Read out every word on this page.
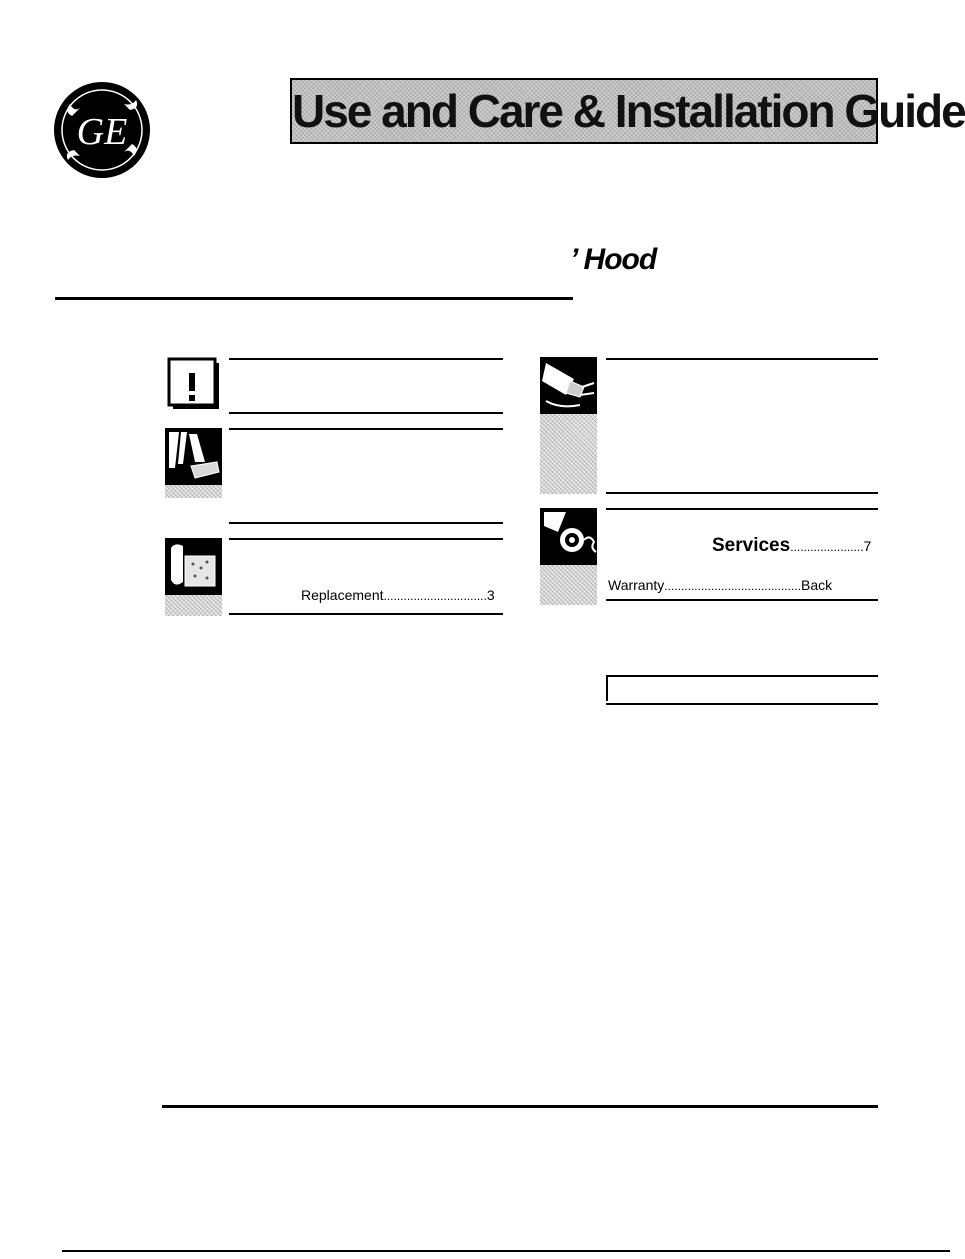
GE	Use and Care & Installation Guide
’ Hood

Replacement...............................3
Services......................7
Warranty.........................................Back
